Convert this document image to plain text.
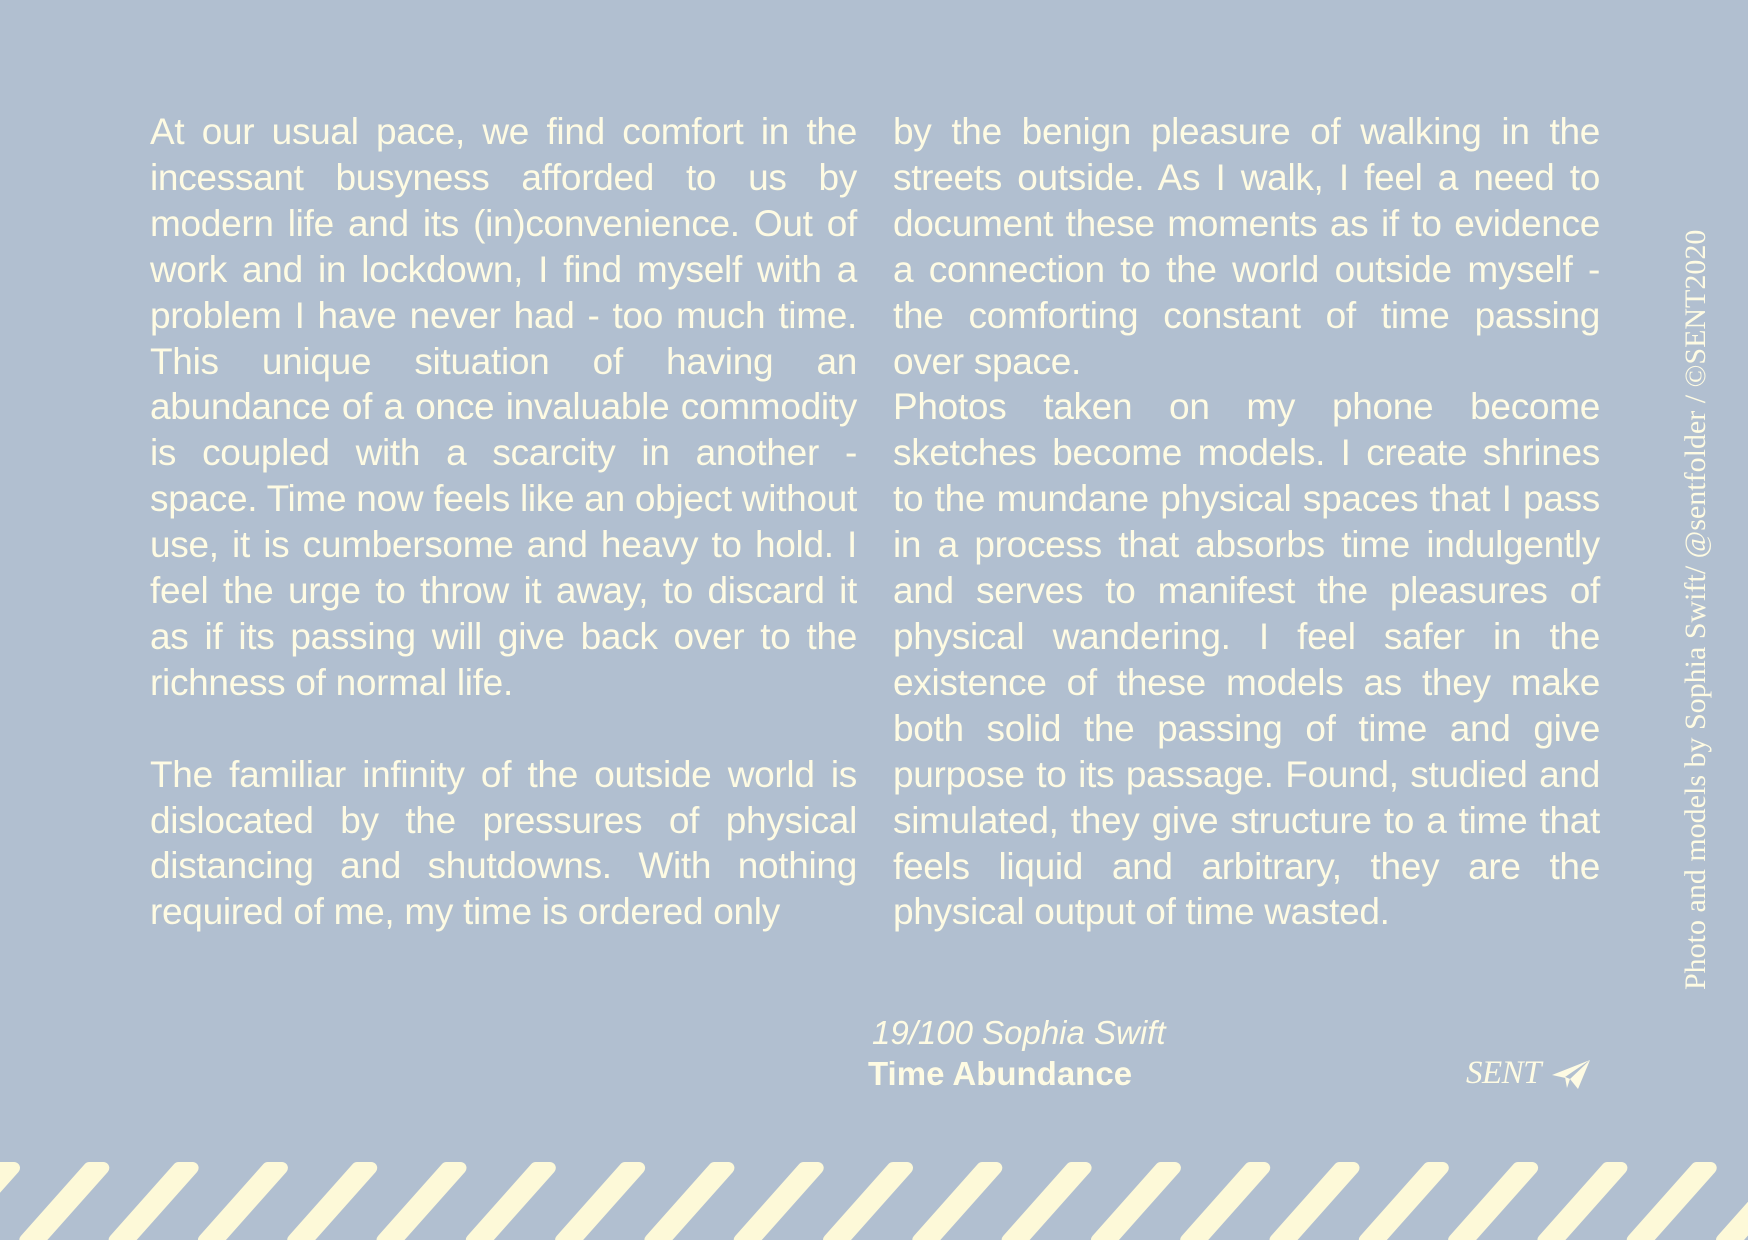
At our usual pace, we find comfort in the incessant busyness afforded to us by modern life and its (in)convenience. Out of work and in lockdown, I find myself with a problem I have never had - too much time. This unique situation of having an abundance of a once invaluable commodity is coupled with a scarcity in another - space. Time now feels like an object without use, it is cumbersome and heavy to hold. I feel the urge to throw it away, to discard it as if its passing will give back over to the richness of normal life.

The familiar infinity of the outside world is dislocated by the pressures of physical distancing and shutdowns. With nothing required of me, my time is ordered only

by the benign pleasure of walking in the streets outside. As I walk, I feel a need to document these moments as if to evidence a connection to the world outside myself - the comforting constant of time passing over space.

Photos taken on my phone become sketches become models. I create shrines to the mundane physical spaces that I pass in a process that absorbs time indulgently and serves to manifest the pleasures of physical wandering. I feel safer in the existence of these models as they make both solid the passing of time and give purpose to its passage. Found, studied and simulated, they give structure to a time that feels liquid and arbitrary, they are the physical output of time wasted.	Photo and models by Sophia Swift/ @sentfolder / ©SENT2020
19/100 Sophia Swift
Time Abundance	SENT
